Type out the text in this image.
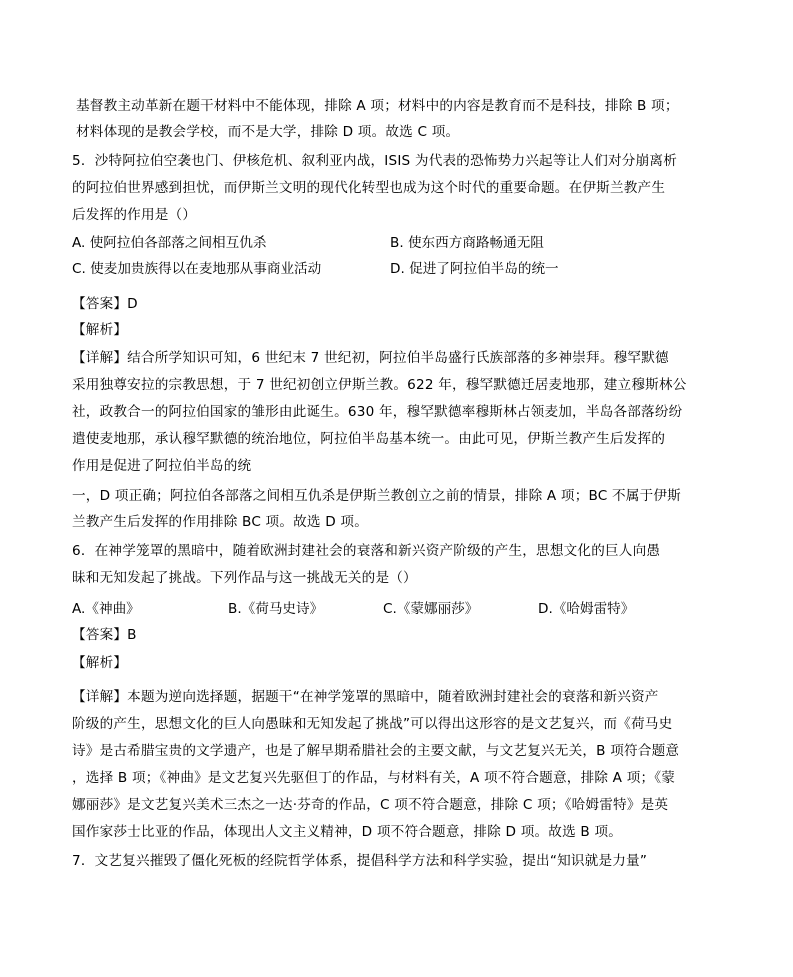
基督教主动革新在题干材料中不能体现，排除 A 项；材料中的内容是教育而不是科技，排除 B 项；
材料体现的是教会学校，而不是大学，排除 D 项。故选 C 项。
5．沙特阿拉伯空袭也门、伊核危机、叙利亚内战，ISIS 为代表的恐怖势力兴起等让人们对分崩离析
的阿拉伯世界感到担忧，而伊斯兰文明的现代化转型也成为这个时代的重要命题。在伊斯兰教产生
后发挥的作用是（）
A. 使阿拉伯各部落之间相互仇杀	B. 使东西方商路畅通无阻
C. 使麦加贵族得以在麦地那从事商业活动	D. 促进了阿拉伯半岛的统一
【答案】D
【解析】
【详解】结合所学知识可知，6 世纪末 7 世纪初，阿拉伯半岛盛行氏族部落的多神崇拜。穆罕默德
采用独尊安拉的宗教思想，于 7 世纪初创立伊斯兰教。622 年，穆罕默德迁居麦地那，建立穆斯林公
社，政教合一的阿拉伯国家的雏形由此诞生。630 年，穆罕默德率穆斯林占领麦加，半岛各部落纷纷
遣使麦地那，承认穆罕默德的统治地位，阿拉伯半岛基本统一。由此可见，伊斯兰教产生后发挥的
作用是促进了阿拉伯半岛的统
一，D 项正确；阿拉伯各部落之间相互仇杀是伊斯兰教创立之前的情景，排除 A 项；BC 不属于伊斯
兰教产生后发挥的作用排除 BC 项。故选 D 项。
6．在神学笼罩的黑暗中，随着欧洲封建社会的衰落和新兴资产阶级的产生，思想文化的巨人向愚
昧和无知发起了挑战。下列作品与这一挑战无关的是（）
A.《神曲》	B.《荷马史诗》	C.《蒙娜丽莎》	D.《哈姆雷特》
【答案】B
【解析】
【详解】本题为逆向选择题，据题干“在神学笼罩的黑暗中，随着欧洲封建社会的衰落和新兴资产
阶级的产生，思想文化的巨人向愚昧和无知发起了挑战”可以得出这形容的是文艺复兴，而《荷马史
诗》是古希腊宝贵的文学遗产，也是了解早期希腊社会的主要文献，与文艺复兴无关，B 项符合题意
，选择 B 项；《神曲》是文艺复兴先驱但丁的作品，与材料有关，A 项不符合题意，排除 A 项；《蒙
娜丽莎》是文艺复兴美术三杰之一达·芬奇的作品，C 项不符合题意，排除 C 项；《哈姆雷特》是英
国作家莎士比亚的作品，体现出人文主义精神，D 项不符合题意，排除 D 项。故选 B 项。
7．文艺复兴摧毁了僵化死板的经院哲学体系，提倡科学方法和科学实验，提出“知识就是力量”
